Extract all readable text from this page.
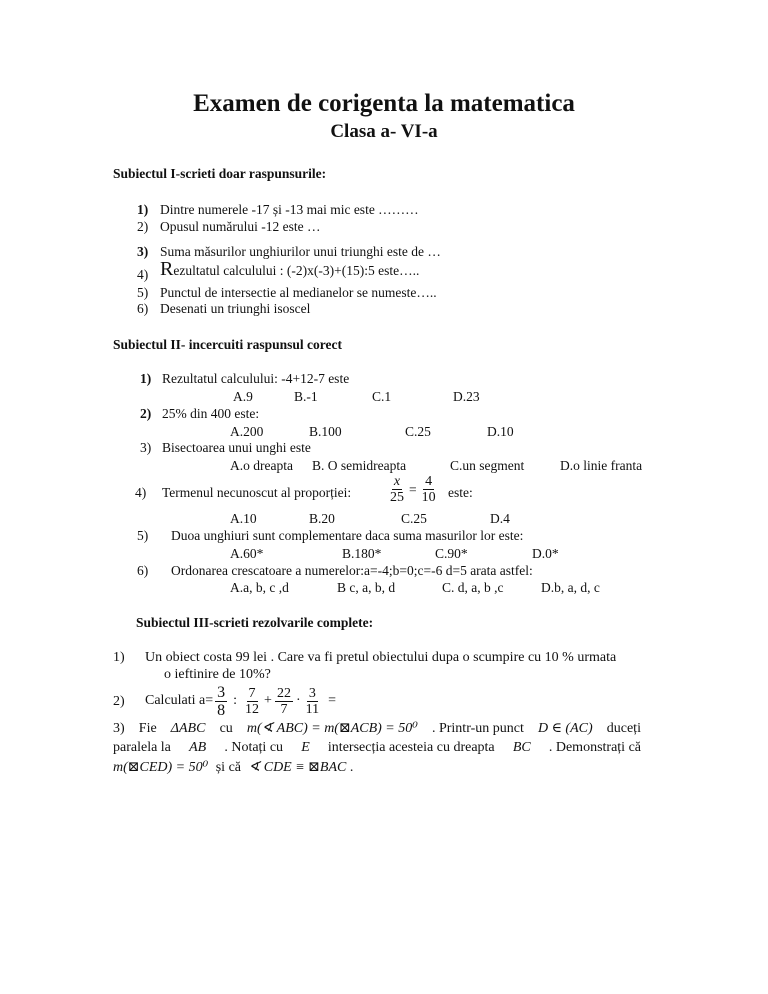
Examen de corigenta la matematica
Clasa a- VI-a
Subiectul I-scrieti doar raspunsurile:
1) Dintre numerele -17 și -13 mai mic este ………
2) Opusul numărului -12 este …
3) Suma măsurilor unghiurilor unui triunghi este de …
4) Rezultatul calculului : (-2)x(-3)+(15):5 este…..
5) Punctul de intersectie al medianelor se numeste…..
6) Desenati un triunghi isoscel
Subiectul II- incercuiti raspunsul corect
1) Rezultatul calculului: -4+12-7 este
A.9	B.-1	C.1	D.23
2) 25% din 400 este:
A.200	B.100	C.25	D.10
3) Bisectoarea unui unghi este
A.o dreapta B. O semidreapta	C.un segment	D.o linie franta
4) Termenul necunoscut al proporției:	$\frac{x}{25} = \frac{4}{10}$ este:
A.10	B.20	C.25	D.4
5) Duoa unghiuri sunt complementare daca suma masurilor lor este:
A.60*	B.180*	C.90*	D.0*
6) Ordonarea crescatoare a numerelor:a=-4;b=0;c=-6 d=5 arata astfel:
A.a, b, c ,d	B c, a, b, d	C. d, a, b ,c	D.b, a, d, c
Subiectul III-scrieti rezolvarile complete:
1) Un obiect costa 99 lei . Care va fi pretul obiectului dupa o scumpire cu 10 % urmata
o ieftinire de 10%?
2) Calculati $a= \frac{3}{8}$ : $\frac{7}{12} + \frac{22}{7} \cdot \frac{3}{11}$ =
3) Fie ΔABC cu m(∢ ABC) = m(⊠ACB) = 50⁰ . Printr-un punct D ∈ (AC) duceți
paralela la AB . Notați cu E intersecția acesteia cu dreapta BC . Demonstrați că
m(⊠CED) = 50⁰ și că ∢ CDE ≡ ⊠BAC .
